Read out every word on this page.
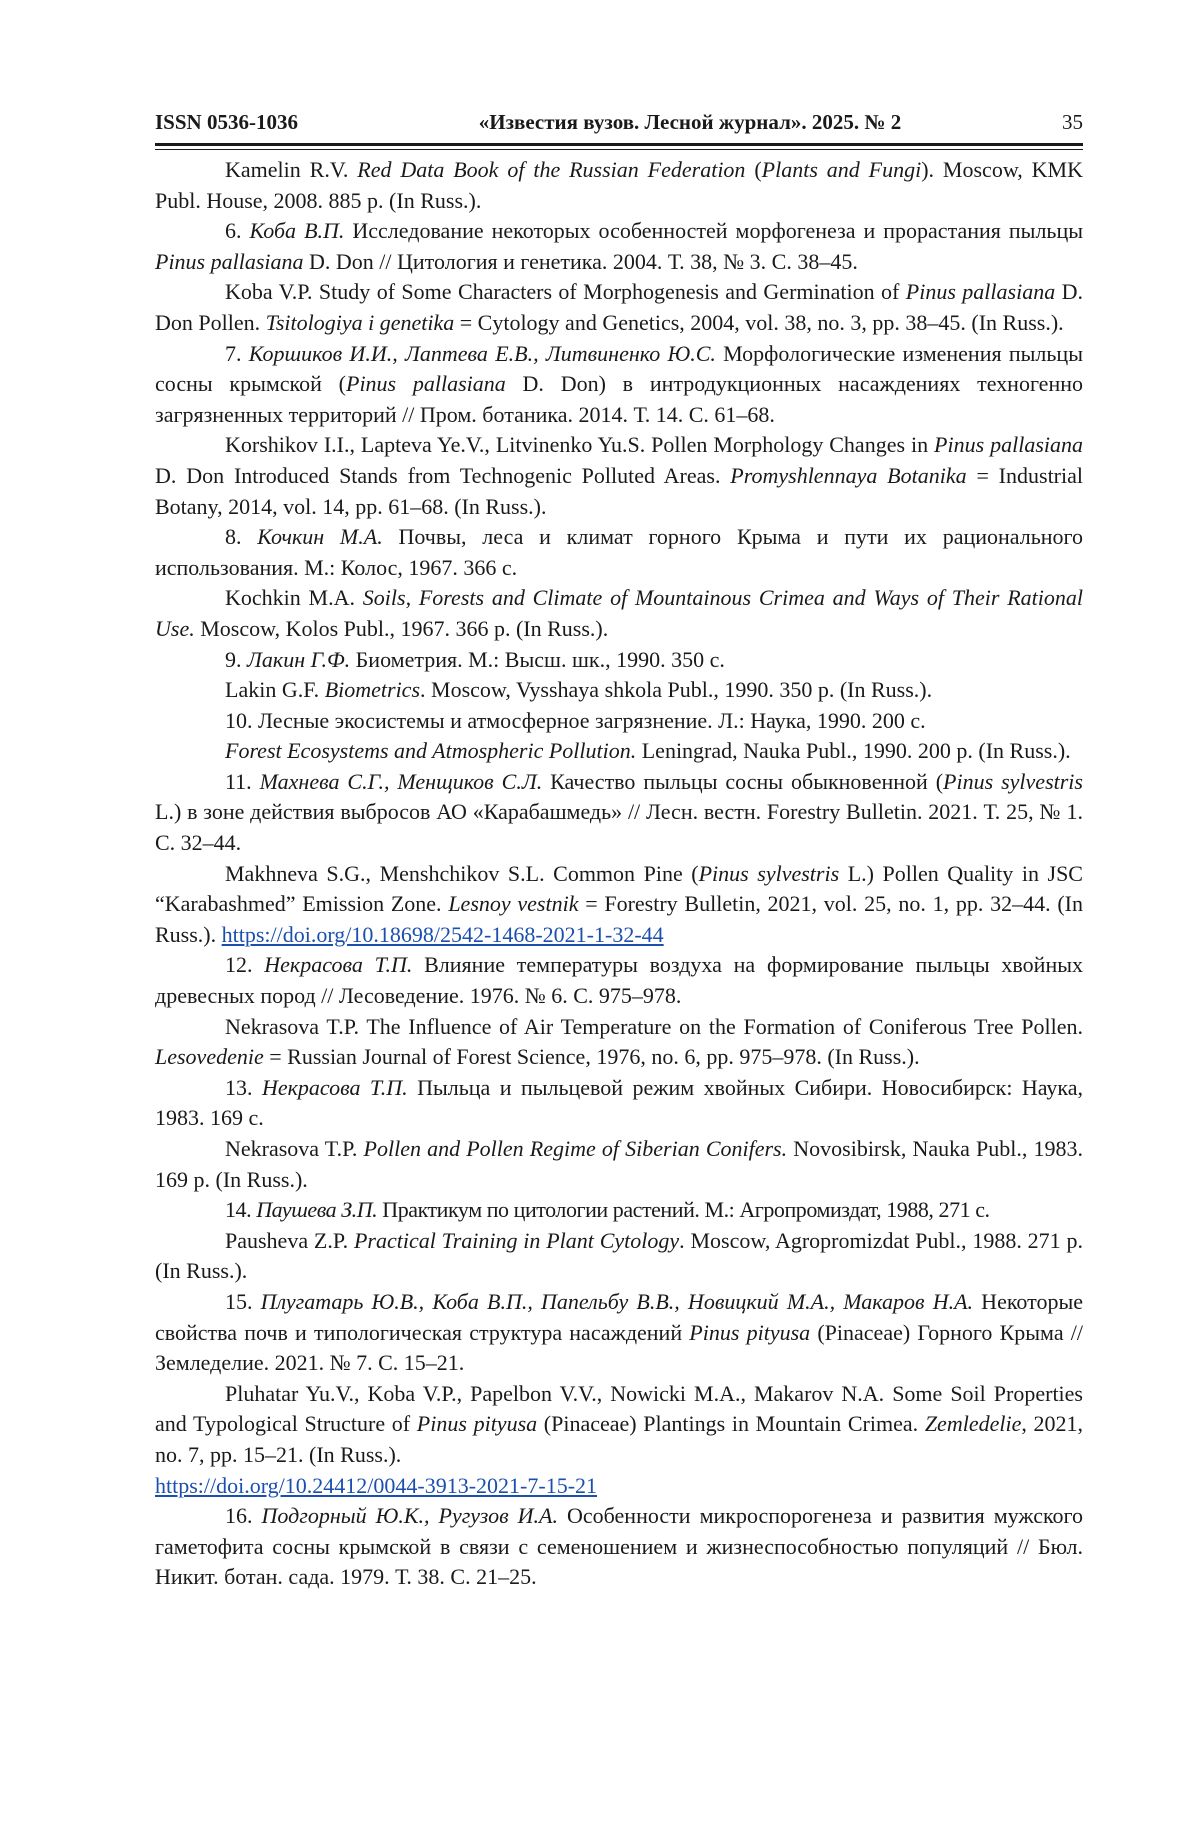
ISSN 0536-1036	«Известия вузов. Лесной журнал». 2025. № 2	35

Kamelin R.V. Red Data Book of the Russian Federation (Plants and Fungi). Moscow, KMK Publ. House, 2008. 885 p. (In Russ.).

6. Коба В.П. Исследование некоторых особенностей морфогенеза и прорастания пыльцы Pinus pallasiana D. Don // Цитология и генетика. 2004. Т. 38, № 3. С. 38–45.

Koba V.P. Study of Some Characters of Morphogenesis and Germination of Pinus pallasiana D. Don Pollen. Tsitologiya i genetika = Cytology and Genetics, 2004, vol. 38, no. 3, pp. 38–45. (In Russ.).

7. Коршиков И.И., Лаптева Е.В., Литвиненко Ю.С. Морфологические изменения пыльцы сосны крымской (Pinus pallasiana D. Don) в интродукционных насаждениях техногенно загрязненных территорий // Пром. ботаника. 2014. Т. 14. С. 61–68.

Korshikov I.I., Lapteva Ye.V., Litvinenko Yu.S. Pollen Morphology Changes in Pinus pallasiana D. Don Introduced Stands from Technogenic Polluted Areas. Promyshlennaya Botanika = Industrial Botany, 2014, vol. 14, pp. 61–68. (In Russ.).

8. Кочкин М.А. Почвы, леса и климат горного Крыма и пути их рационального использования. М.: Колос, 1967. 366 с.

Kochkin M.A. Soils, Forests and Climate of Mountainous Crimea and Ways of Their Rational Use. Moscow, Kolos Publ., 1967. 366 p. (In Russ.).

9. Лакин Г.Ф. Биометрия. М.: Высш. шк., 1990. 350 с.

Lakin G.F. Biometrics. Moscow, Vysshaya shkola Publ., 1990. 350 p. (In Russ.).

10. Лесные экосистемы и атмосферное загрязнение. Л.: Наука, 1990. 200 с.

Forest Ecosystems and Atmospheric Pollution. Leningrad, Nauka Publ., 1990. 200 p. (In Russ.).

11. Махнева С.Г., Менщиков С.Л. Качество пыльцы сосны обыкновенной (Pinus sylvestris L.) в зоне действия выбросов АО «Карабашмедь» // Лесн. вестн. Forestry Bulletin. 2021. Т. 25, № 1. С. 32–44.

Makhneva S.G., Menshchikov S.L. Common Pine (Pinus sylvestris L.) Pollen Quality in JSC “Karabashmed” Emission Zone. Lesnoy vestnik = Forestry Bulletin, 2021, vol. 25, no. 1, pp. 32–44. (In Russ.). https://doi.org/10.18698/2542-1468-2021-1-32-44

12. Некрасова Т.П. Влияние температуры воздуха на формирование пыльцы хвойных древесных пород // Лесоведение. 1976. № 6. С. 975–978.

Nekrasova T.P. The Influence of Air Temperature on the Formation of Coniferous Tree Pollen. Lesovedenie = Russian Journal of Forest Science, 1976, no. 6, pp. 975–978. (In Russ.).

13. Некрасова Т.П. Пыльца и пыльцевой режим хвойных Сибири. Новосибирск: Наука, 1983. 169 с.

Nekrasova T.P. Pollen and Pollen Regime of Siberian Conifers. Novosibirsk, Nauka Publ., 1983. 169 p. (In Russ.).

14. Паушева З.П. Практикум по цитологии растений. М.: Агропромиздат, 1988, 271 с.

Pausheva Z.P. Practical Training in Plant Cytology. Moscow, Agropromizdat Publ., 1988. 271 p. (In Russ.).

15. Плугатарь Ю.В., Коба В.П., Папельбу В.В., Новицкий М.А., Макаров Н.А. Некоторые свойства почв и типологическая структура насаждений Pinus pityusa (Pinaceae) Горного Крыма // Земледелие. 2021. № 7. С. 15–21.

Pluhatar Yu.V., Koba V.P., Papelbon V.V., Nowicki M.A., Makarov N.A. Some Soil Properties and Typological Structure of Pinus pityusa (Pinaceae) Plantings in Mountain Crimea. Zemledelie, 2021, no. 7, pp. 15–21. (In Russ.).
https://doi.org/10.24412/0044-3913-2021-7-15-21

16. Подгорный Ю.К., Ругузов И.А. Особенности микроспорогенеза и развития мужского гаметофита сосны крымской в связи с семеношением и жизнеспособностью популяций // Бюл. Никит. ботан. сада. 1979. Т. 38. С. 21–25.
